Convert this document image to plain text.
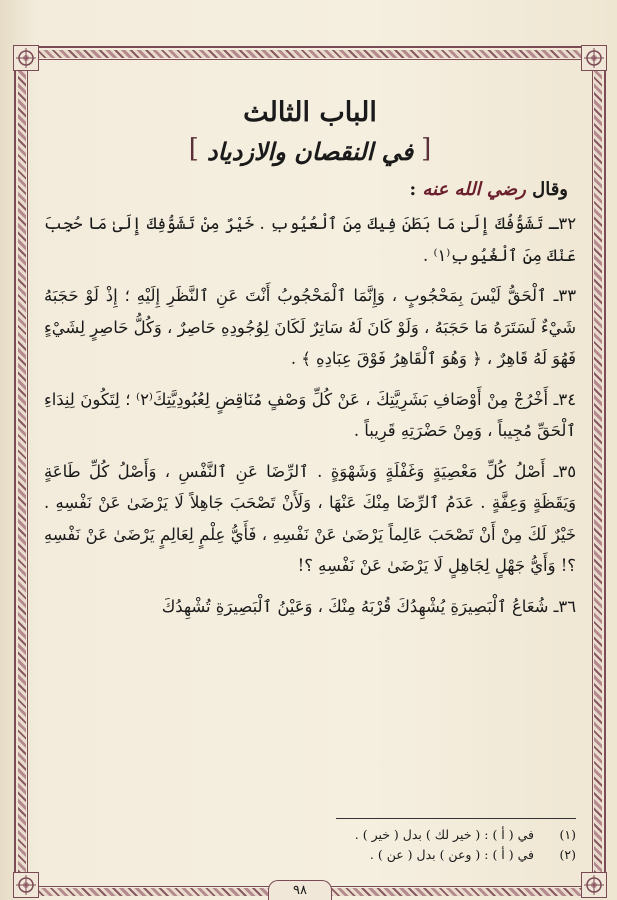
الباب الثالث
[
في النقصان والازدياد
]
وقال رضي الله عنه :

٣٢ـ تَشَوُّفُكَ إِلَىٰ مَا بَطَنَ فِيكَ مِنَ ٱلْعُيُوبِ . خَيْرٌ مِنْ تَشَوُّفِكَ إِلَىٰ مَا حُجِبَ عَنْكَ مِنَ ٱلْغُيُوبِ⁽١⁾ .

٣٣ـ ٱلْحَقُّ لَيْسَ بِمَحْجُوبٍ ، وَإِنَّمَا ٱلْمَحْجُوبُ أَنْتَ عَنِ ٱلنَّظَرِ إِلَيْهِ ؛ إِذْ لَوْ حَجَبَهُ شَيْءٌ لَسَتَرَهُ مَا حَجَبَهُ ، وَلَوْ كَانَ لَهُ سَاتِرٌ لَكَانَ لِوُجُودِهِ حَاصِرٌ ، وَكُلُّ حَاصِرٍ لِشَيْءٍ فَهُوَ لَهُ قَاهِرٌ ، ﴿ وَهُوَ ٱلْقَاهِرُ فَوْقَ عِبَادِهِ ﴾ .

٣٤ـ أَخْرُجْ مِنْ أَوْصَافِ بَشَرِيَّتِكَ ، عَنْ كُلِّ وَصْفٍ مُنَاقِضٍ لِعُبُودِيَّتِكَ⁽٢⁾ ؛ لِتَكُونَ لِنِدَاءِ ٱلْحَقِّ مُجِيباً ، وَمِنْ حَضْرَتِهِ قَرِيباً .

٣٥ـ أَصْلُ كُلِّ مَعْصِيَةٍ وَغَفْلَةٍ وَشَهْوَةٍ . ٱلرِّضَا عَنِ ٱلنَّفْسِ ، وَأَصْلُ كُلِّ طَاعَةٍ وَيَقَظَةٍ وَعِفَّةٍ . عَدَمُ ٱلرِّضَا مِنْكَ عَنْهَا ، وَلَأَنْ تَصْحَبَ جَاهِلاً لَا يَرْضَىٰ عَنْ نَفْسِهِ . خَيْرٌ لَكَ مِنْ أَنْ تَصْحَبَ عَالِماً يَرْضَىٰ عَنْ نَفْسِهِ ، فَأَيُّ عِلْمٍ لِعَالِمٍ يَرْضَىٰ عَنْ نَفْسِهِ ؟! وَأَيُّ جَهْلٍ لِجَاهِلٍ لَا يَرْضَىٰ عَنْ نَفْسِهِ ؟!

٣٦ـ شُعَاعُ ٱلْبَصِيرَةِ يُشْهِدُكَ قُرْبَهُ مِنْكَ ، وَعَيْنُ ٱلْبَصِيرَةِ تُشْهِدُكَ

(١)
في ( أ ) : ( خير لك ) بدل ( خير ) .
(٢)
في ( أ ) : ( وعن ) بدل ( عن ) .
٩٨
